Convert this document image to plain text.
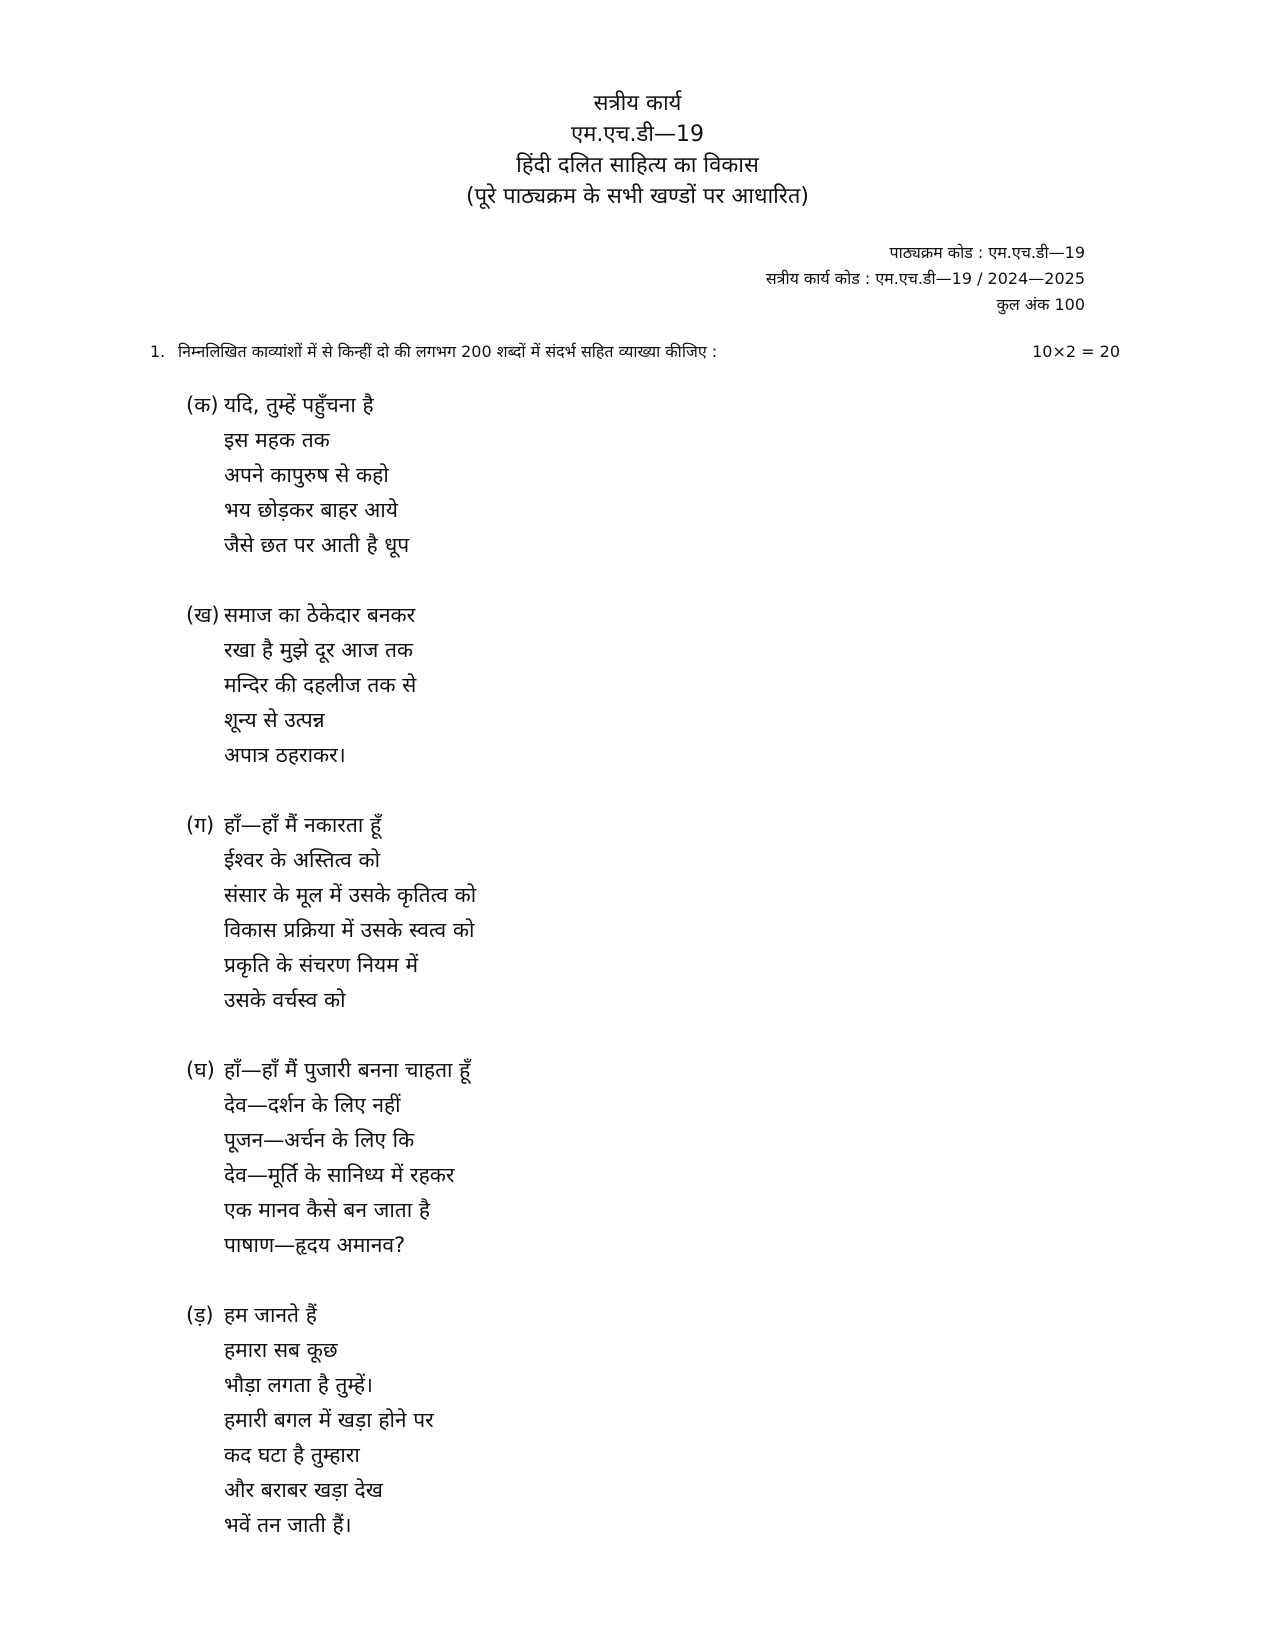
सत्रीय कार्य
एम.एच.डी—19
हिंदी दलित साहित्य का विकास
(पूरे पाठ्यक्रम के सभी खण्डों पर आधारित)
पाठ्यक्रम कोड : एम.एच.डी—19
सत्रीय कार्य कोड : एम.एच.डी—19 / 2024—2025
कुल अंक 100
1. निम्नलिखित काव्यांशों में से किन्हीं दो की लगभग 200 शब्दों में संदर्भ सहित व्याख्या कीजिए :	10×2 = 20
(क) यदि, तुम्हें पहुँचना है
इस महक तक
अपने कापुरुष से कहो
भय छोड़कर बाहर आये
जैसे छत पर आती है धूप
(ख) समाज का ठेकेदार बनकर
रखा है मुझे दूर आज तक
मन्दिर की दहलीज तक से
शून्य से उत्पन्न
अपात्र ठहराकर।
(ग) हाँ—हाँ मैं नकारता हूँ
ईश्वर के अस्तित्व को
संसार के मूल में उसके कृतित्व को
विकास प्रक्रिया में उसके स्वत्व को
प्रकृति के संचरण नियम में
उसके वर्चस्व को
(घ) हाँ—हाँ मैं पुजारी बनना चाहता हूँ
देव—दर्शन के लिए नहीं
पूजन—अर्चन के लिए कि
देव—मूर्ति के सानिध्य में रहकर
एक मानव कैसे बन जाता है
पाषाण—हृदय अमानव?
(ड़) हम जानते हैं
हमारा सब कूछ
भौड़ा लगता है तुम्हें।
हमारी बगल में खड़ा होने पर
कद घटा है तुम्हारा
और बराबर खड़ा देख
भवें तन जाती हैं।
